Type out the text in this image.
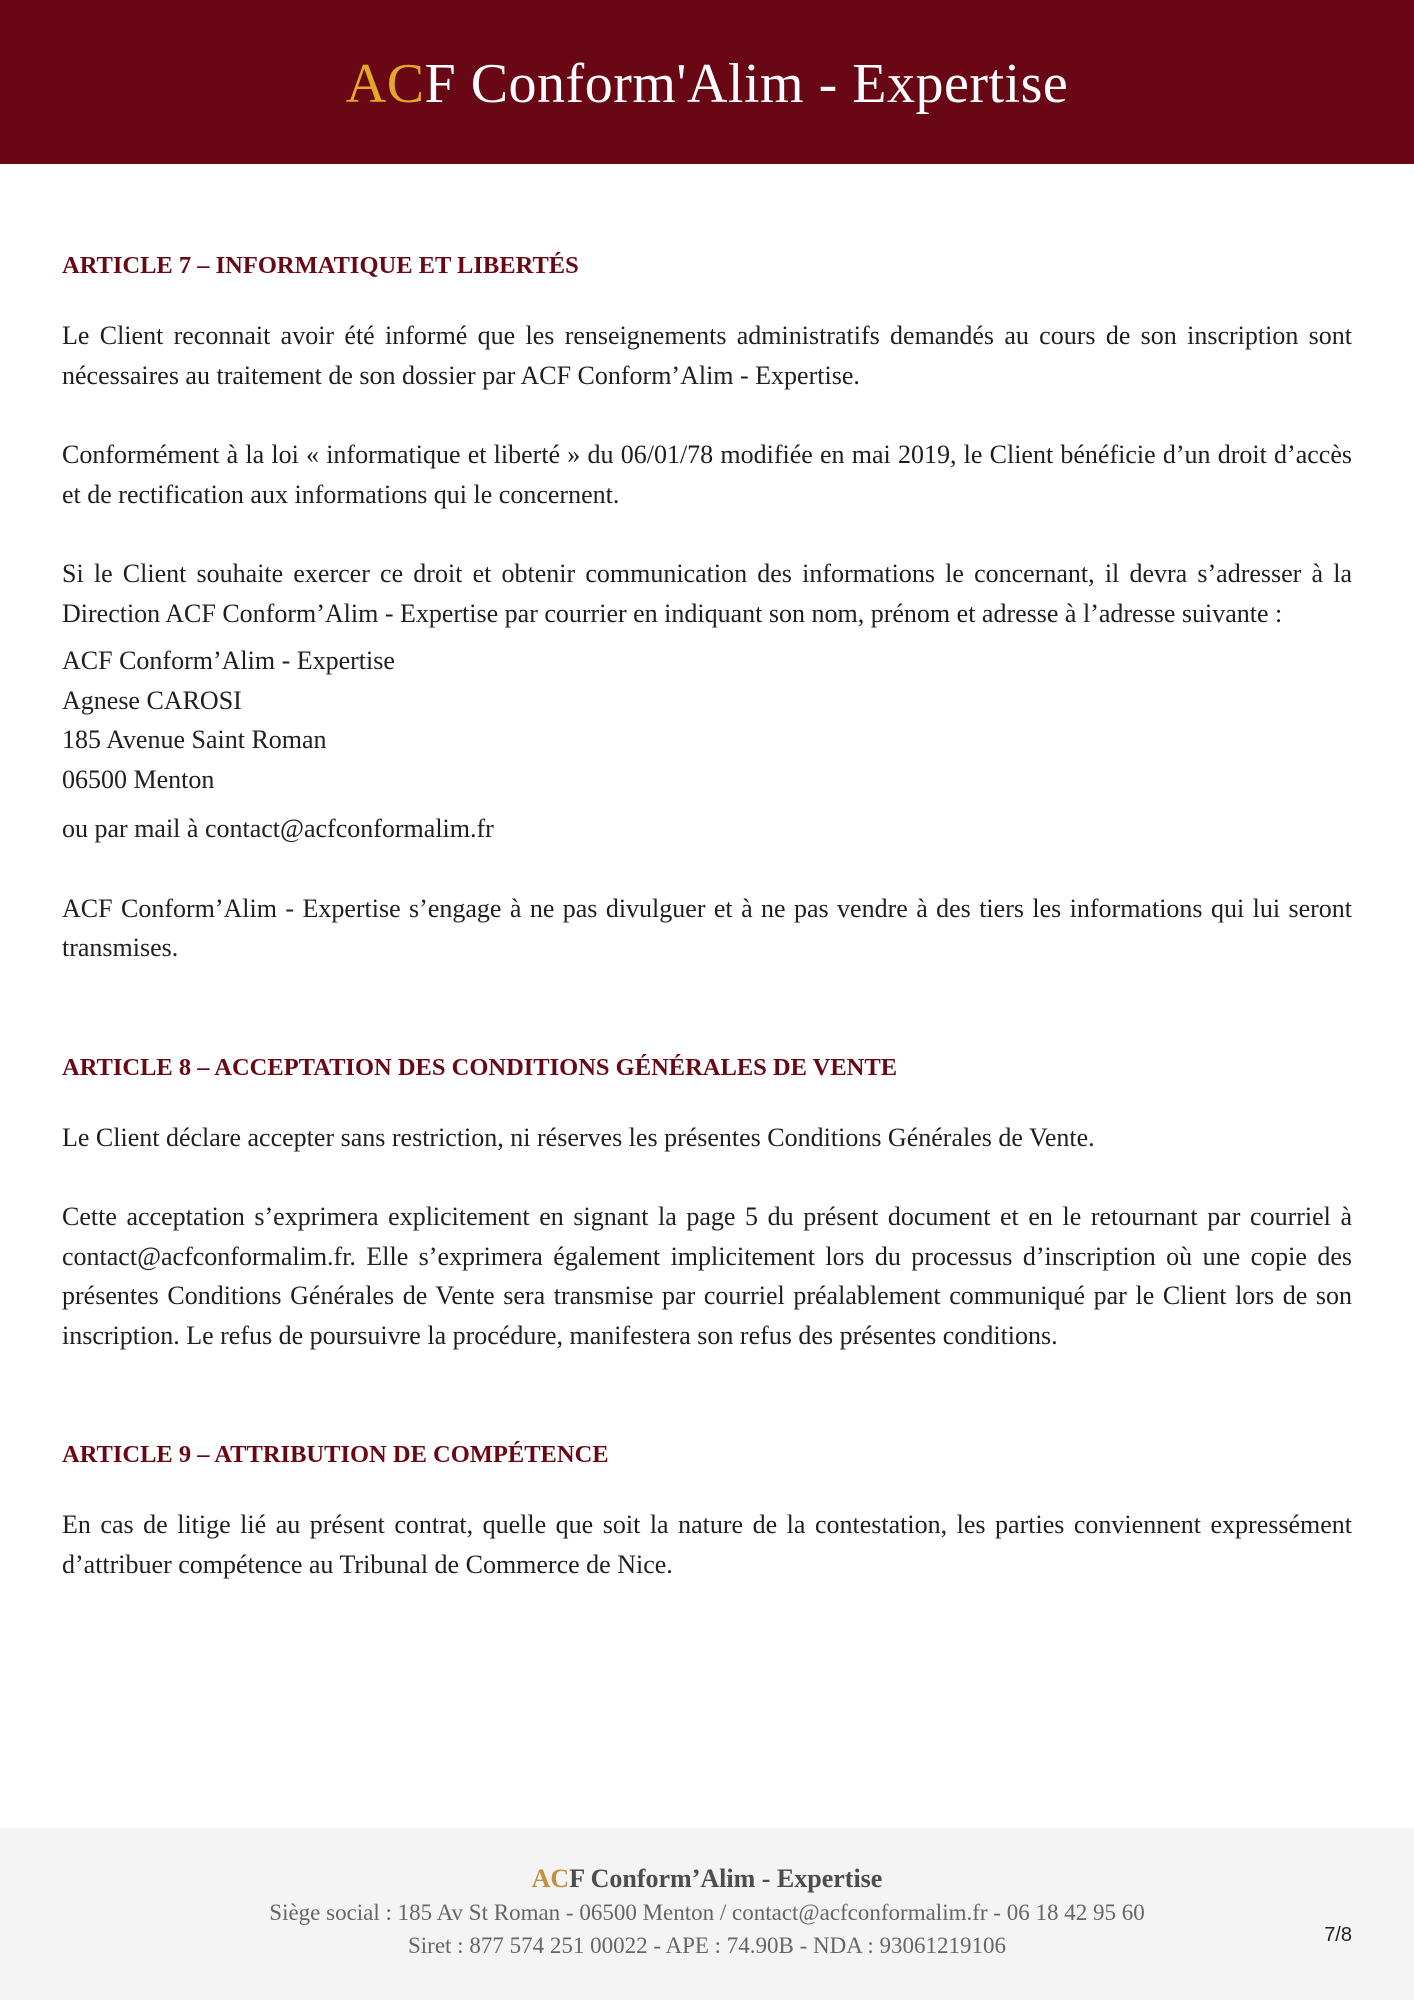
ACF Conform'Alim - Expertise
ARTICLE 7 – INFORMATIQUE ET LIBERTÉS

Le Client reconnait avoir été informé que les renseignements administratifs demandés au cours de son inscription sont nécessaires au traitement de son dossier par ACF Conform’Alim - Expertise.

Conformément à la loi « informatique et liberté » du 06/01/78 modifiée en mai 2019, le Client bénéficie d’un droit d’accès et de rectification aux informations qui le concernent.

Si le Client souhaite exercer ce droit et obtenir communication des informations le concernant, il devra s’adresser à la Direction ACF Conform’Alim - Expertise par courrier en indiquant son nom, prénom et adresse à l’adresse suivante :

ACF Conform’Alim - Expertise
Agnese CAROSI
185 Avenue Saint Roman
06500 Menton

ou par mail à contact@acfconformalim.fr

ACF Conform’Alim - Expertise s’engage à ne pas divulguer et à ne pas vendre à des tiers les informations qui lui seront transmises.

ARTICLE 8 – ACCEPTATION DES CONDITIONS GÉNÉRALES DE VENTE

Le Client déclare accepter sans restriction, ni réserves les présentes Conditions Générales de Vente.

Cette acceptation s’exprimera explicitement en signant la page 5 du présent document et en le retournant par courriel à contact@acfconformalim.fr. Elle s’exprimera également implicitement lors du processus d’inscription où une copie des présentes Conditions Générales de Vente sera transmise par courriel préalablement communiqué par le Client lors de son inscription. Le refus de poursuivre la procédure, manifestera son refus des présentes conditions.

ARTICLE 9 – ATTRIBUTION DE COMPÉTENCE

En cas de litige lié au présent contrat, quelle que soit la nature de la contestation, les parties conviennent expressément d’attribuer compétence au Tribunal de Commerce de Nice.

ACF Conform’Alim - Expertise
Siège social : 185 Av St Roman - 06500 Menton / contact@acfconformalim.fr - 06 18 42 95 60
Siret : 877 574 251 00022 - APE : 74.90B - NDA : 93061219106	7/8
